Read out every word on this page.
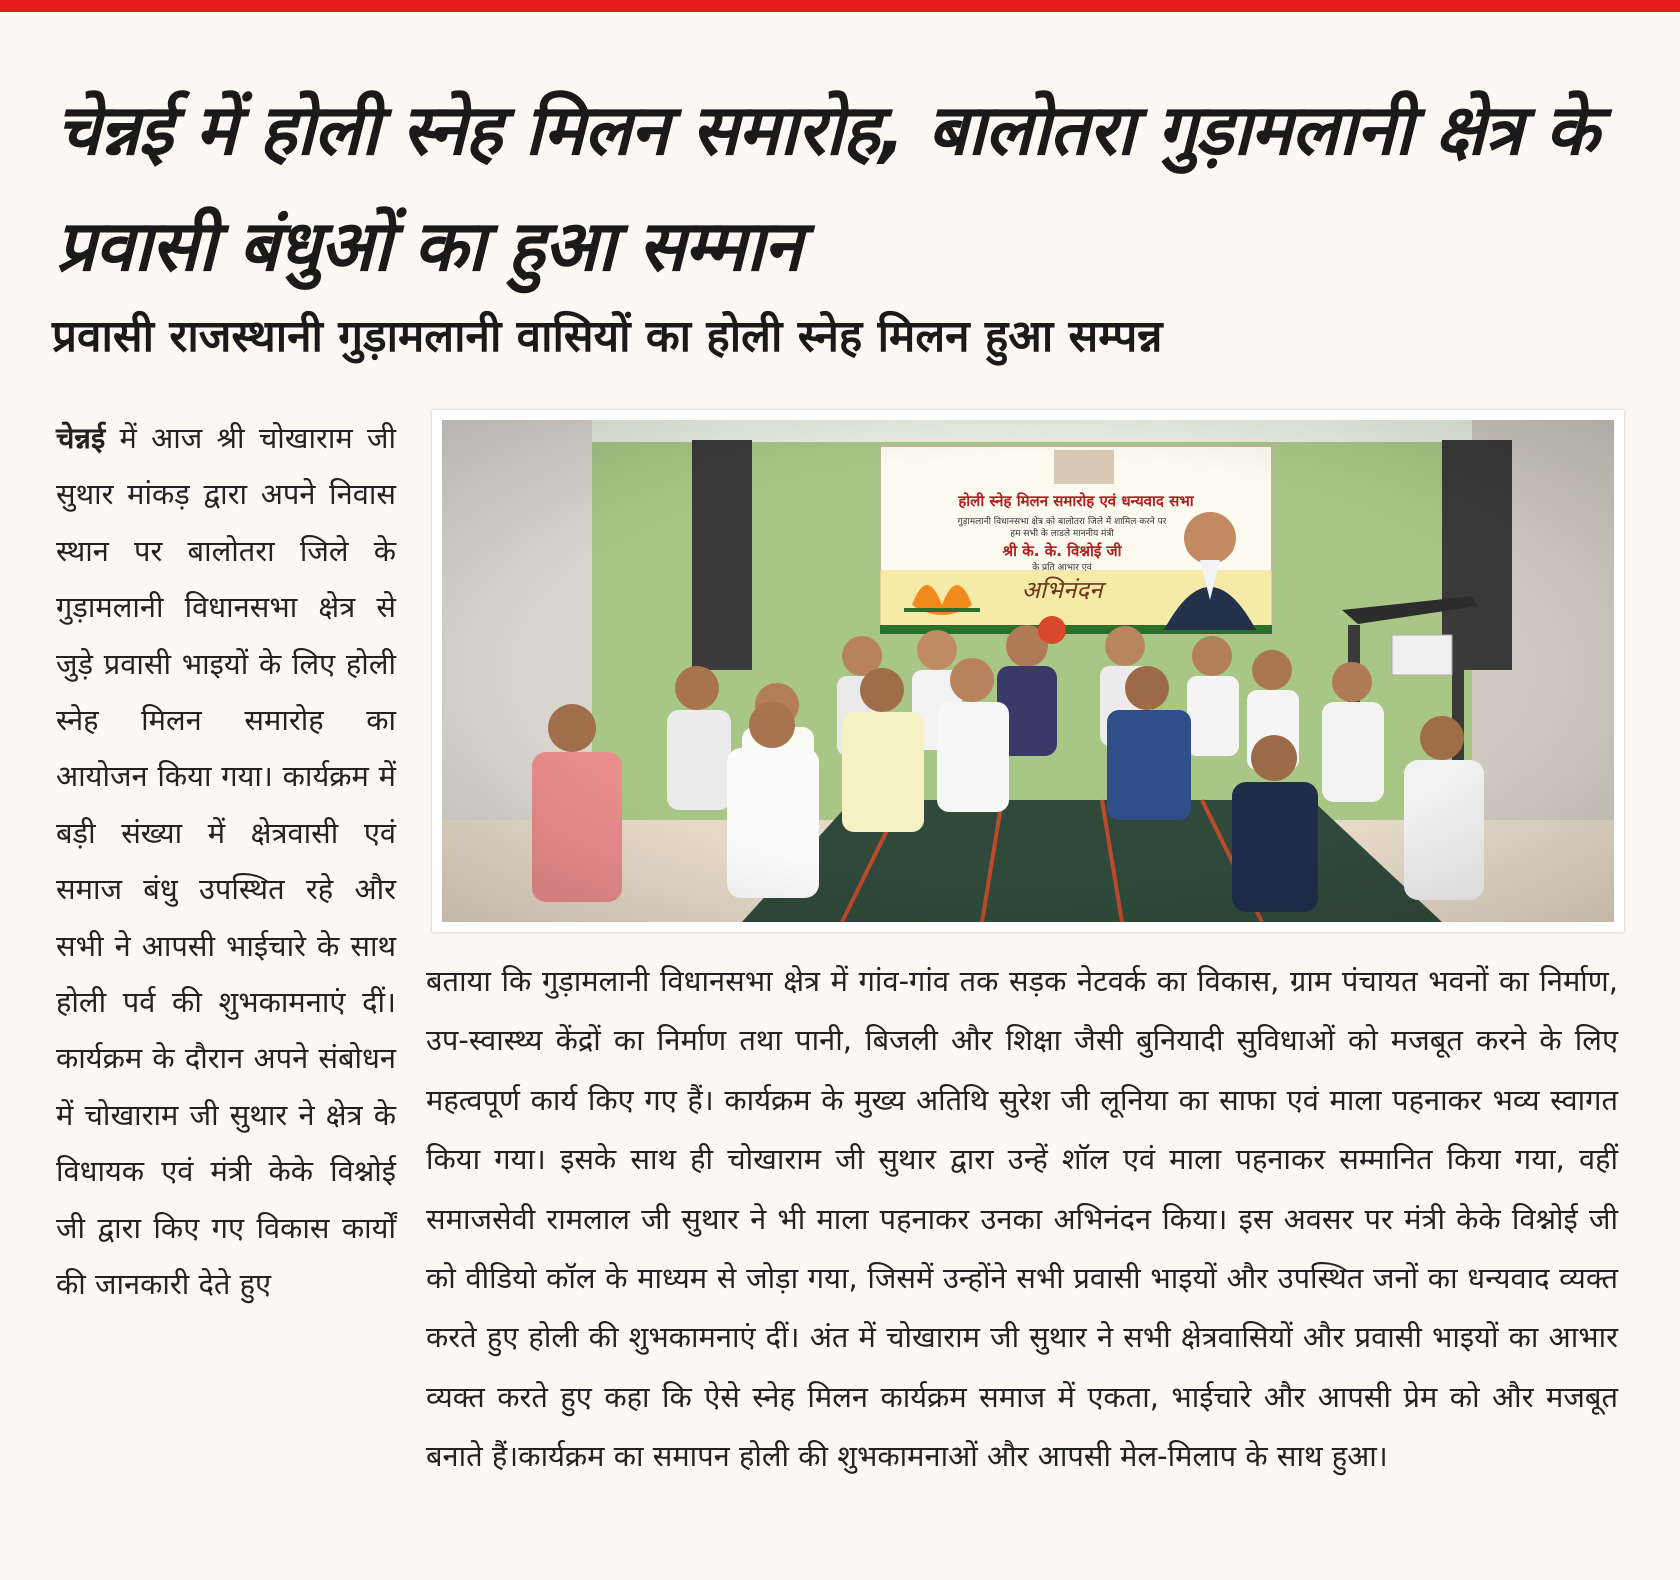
चेन्नई में होली स्नेह मिलन समारोह, बालोतरा गुड़ामलानी क्षेत्र के प्रवासी बंधुओं का हुआ सम्मान
प्रवासी राजस्थानी गुड़ामलानी वासियों का होली स्नेह मिलन हुआ सम्पन्न
चेन्नई में आज श्री चोखाराम जी सुथार मांकड़ द्वारा अपने निवास स्थान पर बालोतरा जिले के गुड़ामलानी विधानसभा क्षेत्र से जुड़े प्रवासी भाइयों के लिए होली स्नेह मिलन समारोह का आयोजन किया गया। कार्यक्रम में बड़ी संख्या में क्षेत्रवासी एवं समाज बंधु उपस्थित रहे और सभी ने आपसी भाईचारे के साथ होली पर्व की शुभकामनाएं दीं। कार्यक्रम के दौरान अपने संबोधन में चोखाराम जी सुथार ने क्षेत्र के विधायक एवं मंत्री केके विश्नोई जी द्वारा किए गए विकास कार्यों की जानकारी देते हुए
होली स्नेह मिलन समारोह एवं धन्यवाद सभा
गुड़ामलानी विधानसभा क्षेत्र को बालोतरा जिले में शामिल करने पर
हम सभी के लाडले माननीय मंत्री
श्री के. के. विश्नोई जी
के प्रति आभार एवं
अभिनंदन
बताया कि गुड़ामलानी विधानसभा क्षेत्र में गांव-गांव तक सड़क नेटवर्क का विकास, ग्राम पंचायत भवनों का निर्माण, उप-स्वास्थ्य केंद्रों का निर्माण तथा पानी, बिजली और शिक्षा जैसी बुनियादी सुविधाओं को मजबूत करने के लिए महत्वपूर्ण कार्य किए गए हैं। कार्यक्रम के मुख्य अतिथि सुरेश जी लूनिया का साफा एवं माला पहनाकर भव्य स्वागत किया गया। इसके साथ ही चोखाराम जी सुथार द्वारा उन्हें शॉल एवं माला पहनाकर सम्मानित किया गया, वहीं समाजसेवी रामलाल जी सुथार ने भी माला पहनाकर उनका अभिनंदन किया। इस अवसर पर मंत्री केके विश्नोई जी को वीडियो कॉल के माध्यम से जोड़ा गया, जिसमें उन्होंने सभी प्रवासी भाइयों और उपस्थित जनों का धन्यवाद व्यक्त करते हुए होली की शुभकामनाएं दीं। अंत में चोखाराम जी सुथार ने सभी क्षेत्रवासियों और प्रवासी भाइयों का आभार व्यक्त करते हुए कहा कि ऐसे स्नेह मिलन कार्यक्रम समाज में एकता, भाईचारे और आपसी प्रेम को और मजबूत बनाते हैं।कार्यक्रम का समापन होली की शुभकामनाओं और आपसी मेल-मिलाप के साथ हुआ।
